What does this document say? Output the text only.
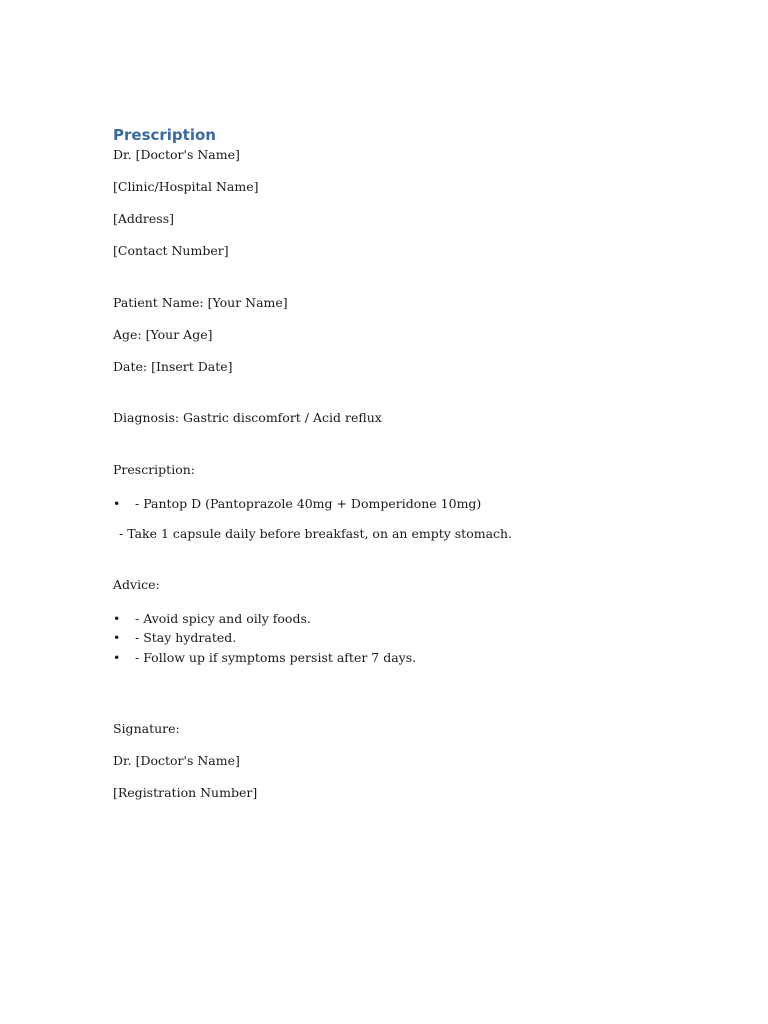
Prescription

Dr. [Doctor's Name]

[Clinic/Hospital Name]

[Address]

[Contact Number]

Patient Name: [Your Name]

Age: [Your Age]

Date: [Insert Date]

Diagnosis: Gastric discomfort / Acid reflux

Prescription:

• - Pantop D (Pantoprazole 40mg + Domperidone 10mg)

- Take 1 capsule daily before breakfast, on an empty stomach.

Advice:

• - Avoid spicy and oily foods.
• - Stay hydrated.
• - Follow up if symptoms persist after 7 days.

Signature:

Dr. [Doctor's Name]

[Registration Number]
